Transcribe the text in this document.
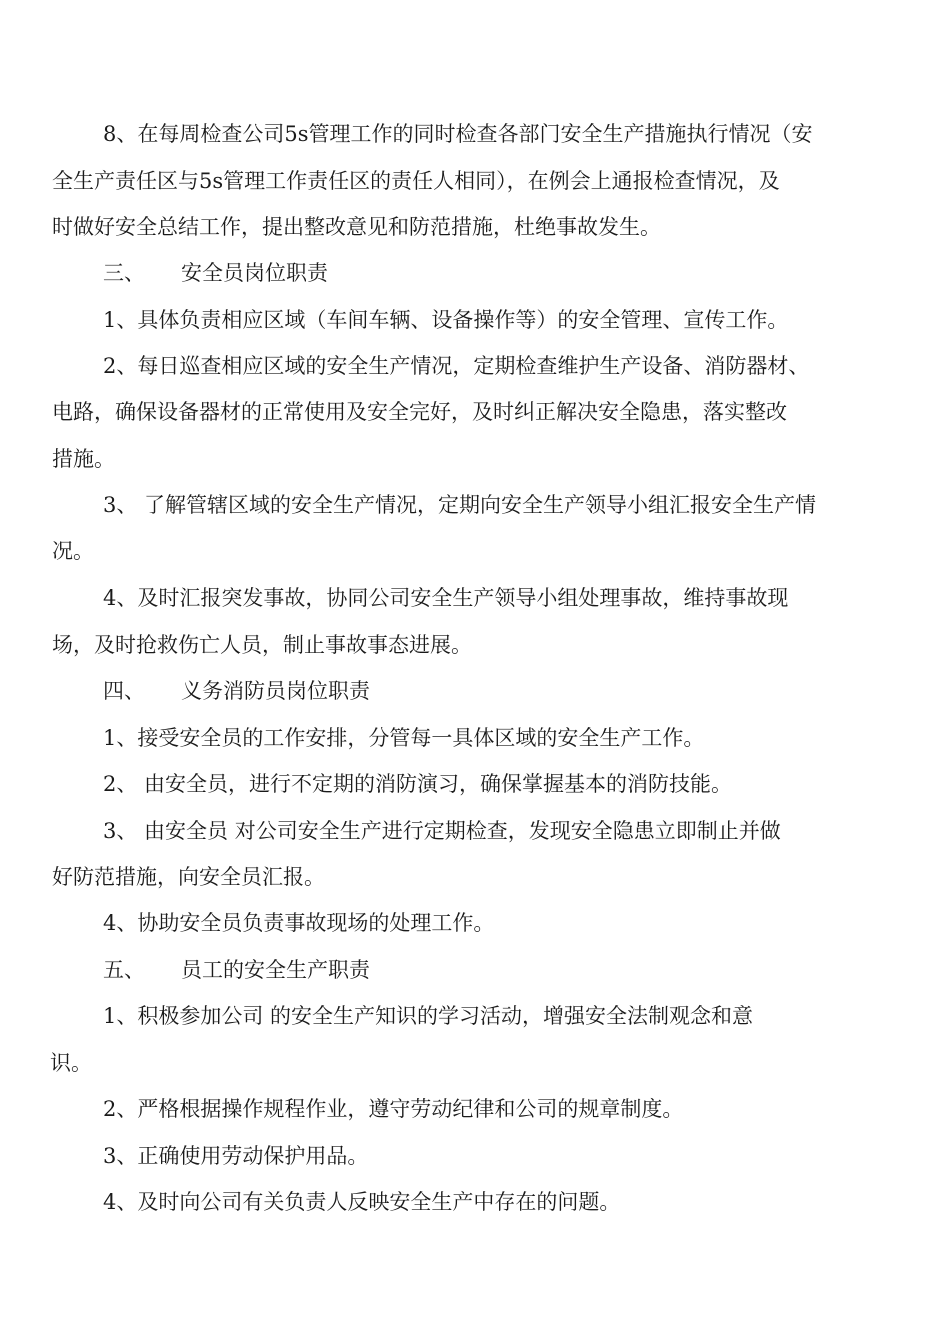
8、在每周检查公司5s管理工作的同时检查各部门安全生产措施执行情况（安
全生产责任区与5s管理工作责任区的责任人相同），在例会上通报检查情况，及
时做好安全总结工作，提出整改意见和防范措施，杜绝事故发生。
三、 安全员岗位职责
1、具体负责相应区域（车间车辆、设备操作等）的安全管理、宣传工作。
2、每日巡查相应区域的安全生产情况，定期检查维护生产设备、消防器材、
电路，确保设备器材的正常使用及安全完好，及时纠正解决安全隐患，落实整改
措施。
3、 了解管辖区域的安全生产情况，定期向安全生产领导小组汇报安全生产情
况。
4、及时汇报突发事故，协同公司安全生产领导小组处理事故，维持事故现
场，及时抢救伤亡人员，制止事故事态进展。
四、 义务消防员岗位职责
1、接受安全员的工作安排，分管每一具体区域的安全生产工作。
2、 由安全员，进行不定期的消防演习，确保掌握基本的消防技能。
3、 由安全员 对公司安全生产进行定期检查，发现安全隐患立即制止并做
好防范措施，向安全员汇报。
4、协助安全员负责事故现场的处理工作。
五、 员工的安全生产职责
1、积极参加公司 的安全生产知识的学习活动，增强安全法制观念和意
识。
2、严格根据操作规程作业，遵守劳动纪律和公司的规章制度。
3、正确使用劳动保护用品。
4、及时向公司有关负责人反映安全生产中存在的问题。
